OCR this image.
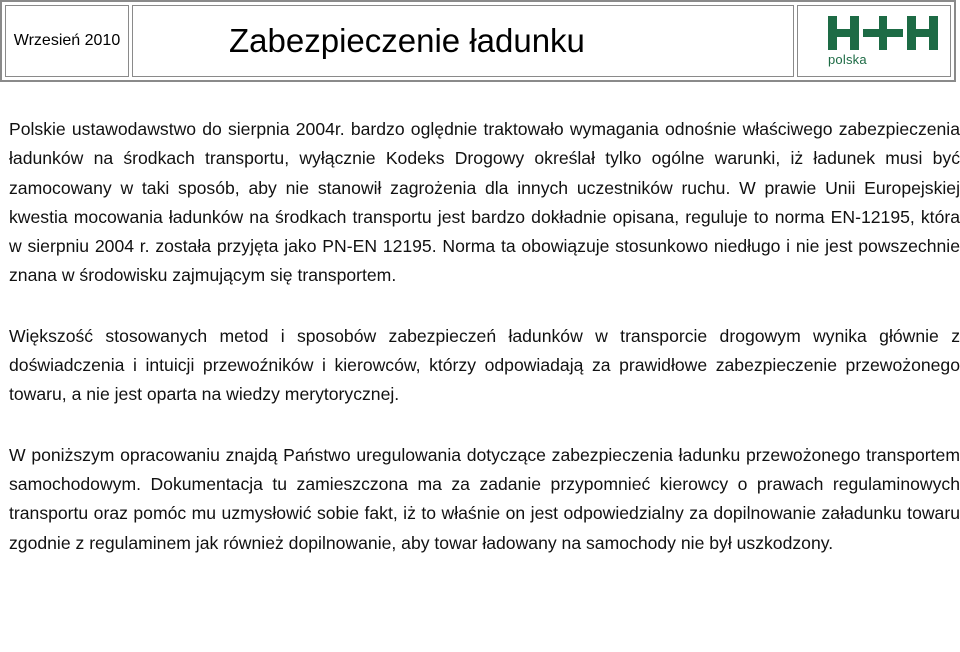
Wrzesień 2010	Zabezpieczenie ładunku	polska

Polskie ustawodawstwo do sierpnia 2004r. bardzo oględnie traktowało wymagania odnośnie właściwego zabezpieczenia ładunków na środkach transportu, wyłącznie Kodeks Drogowy określał tylko ogólne warunki, iż ładunek musi być zamocowany w taki sposób, aby nie stanowił zagrożenia dla innych uczestników ruchu. W prawie Unii Europejskiej kwestia mocowania ładunków na środkach transportu jest bardzo dokładnie opisana, reguluje to norma EN-12195, która w sierpniu 2004 r. została przyjęta jako PN-EN 12195. Norma ta obowiązuje stosunkowo niedługo i nie jest powszechnie znana w środowisku zajmującym się transportem.

Większość stosowanych metod i sposobów zabezpieczeń ładunków w transporcie drogowym wynika głównie z doświadczenia i intuicji przewoźników i kierowców, którzy odpowiadają za prawidłowe zabezpieczenie przewożonego towaru, a nie jest oparta na wiedzy merytorycznej.

W poniższym opracowaniu znajdą Państwo uregulowania dotyczące zabezpieczenia ładunku przewożonego transportem samochodowym. Dokumentacja tu zamieszczona ma za zadanie przypomnieć kierowcy o prawach regulaminowych transportu oraz pomóc mu uzmysłowić sobie fakt, iż to właśnie on jest odpowiedzialny za dopilnowanie załadunku towaru zgodnie z regulaminem jak również dopilnowanie, aby towar ładowany na samochody nie był uszkodzony.
